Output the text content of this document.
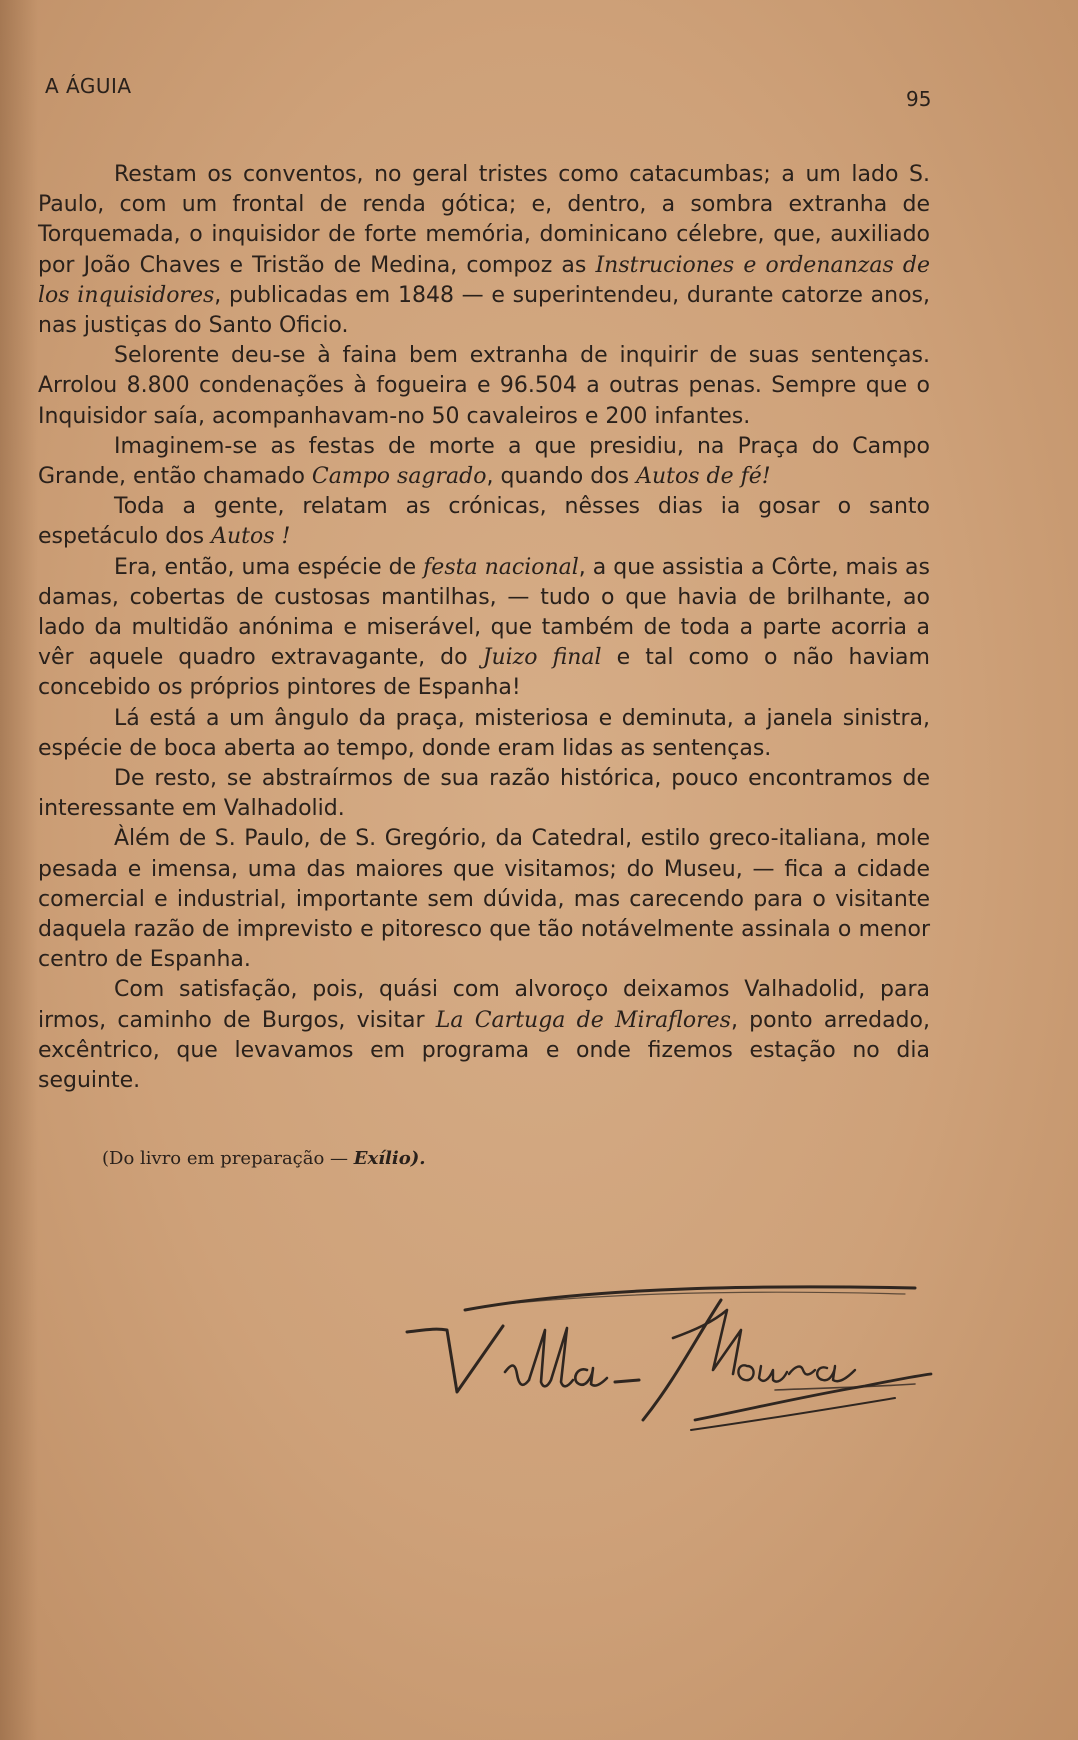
A ÁGUIA
95

Restam os conventos, no geral tristes como catacumbas; a um lado S. Paulo, com um frontal de renda gótica; e, dentro, a sombra extranha de Torquemada, o inquisidor de forte memória, dominicano célebre, que, auxiliado por João Chaves e Tristão de Medina, compoz as Instruciones e ordenanzas de los inquisidores, publicadas em 1848 — e superintendeu, durante catorze anos, nas justiças do Santo Oficio.

Selorente deu-se à faina bem extranha de inquirir de suas sentenças. Arrolou 8.800 condenações à fogueira e 96.504 a outras penas. Sempre que o Inquisidor saía, acompanhavam-no 50 cavaleiros e 200 infantes.

Imaginem-se as festas de morte a que presidiu, na Praça do Campo Grande, então chamado Campo sagrado, quando dos Autos de fé!

Toda a gente, relatam as crónicas, nêsses dias ia gosar o santo espetáculo dos Autos !

Era, então, uma espécie de festa nacional, a que assistia a Côrte, mais as damas, cobertas de custosas mantilhas, — tudo o que havia de brilhante, ao lado da multidão anónima e miserável, que também de toda a parte acorria a vêr aquele quadro extravagante, do Juizo final e tal como o não haviam concebido os próprios pintores de Espanha!

Lá está a um ângulo da praça, misteriosa e deminuta, a janela sinistra, espécie de boca aberta ao tempo, donde eram lidas as sentenças.

De resto, se abstraírmos de sua razão histórica, pouco encontramos de interessante em Valhadolid.

Àlém de S. Paulo, de S. Gregório, da Catedral, estilo greco-italiana, mole pesada e imensa, uma das maiores que visitamos; do Museu, — fica a cidade comercial e industrial, importante sem dúvida, mas carecendo para o visitante daquela razão de imprevisto e pitoresco que tão notávelmente assinala o menor centro de Espanha.

Com satisfação, pois, quási com alvoroço deixamos Valhadolid, para irmos, caminho de Burgos, visitar La Cartuga de Miraflores, ponto arredado, excêntrico, que levavamos em programa e onde fizemos estação no dia seguinte.

(Do livro em preparação — Exílio).
